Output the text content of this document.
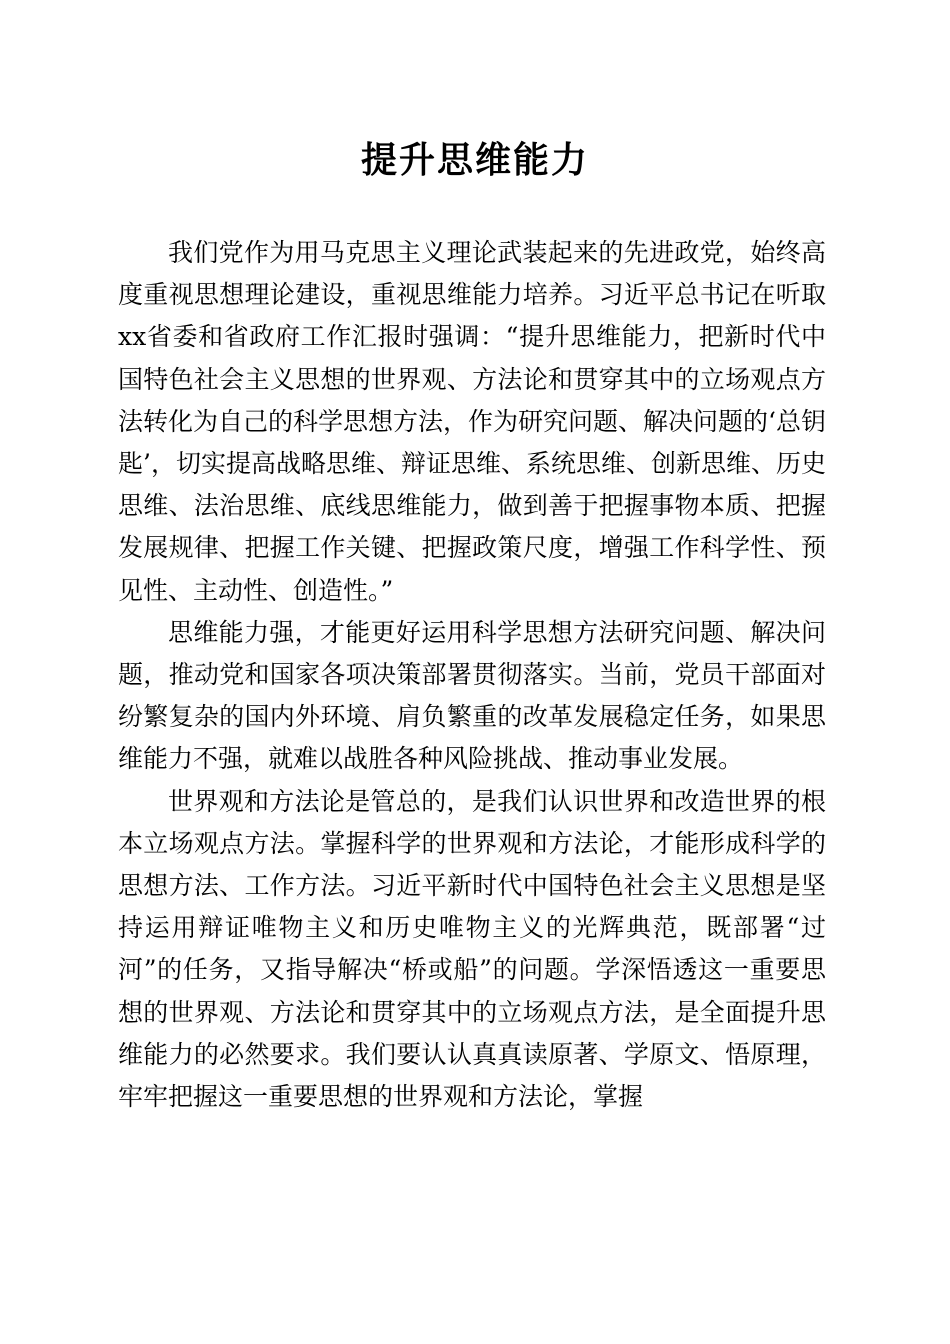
提升思维能力

我们党作为用马克思主义理论武装起来的先进政党，始终高度重视思想理论建设，重视思维能力培养。习近平总书记在听取xx省委和省政府工作汇报时强调：“提升思维能力，把新时代中国特色社会主义思想的世界观、方法论和贯穿其中的立场观点方法转化为自己的科学思想方法，作为研究问题、解决问题的‘总钥匙’，切实提高战略思维、辩证思维、系统思维、创新思维、历史思维、法治思维、底线思维能力，做到善于把握事物本质、把握发展规律、把握工作关键、把握政策尺度，增强工作科学性、预见性、主动性、创造性。”

思维能力强，才能更好运用科学思想方法研究问题、解决问题，推动党和国家各项决策部署贯彻落实。当前，党员干部面对纷繁复杂的国内外环境、肩负繁重的改革发展稳定任务，如果思维能力不强，就难以战胜各种风险挑战、推动事业发展。

世界观和方法论是管总的，是我们认识世界和改造世界的根本立场观点方法。掌握科学的世界观和方法论，才能形成科学的思想方法、工作方法。习近平新时代中国特色社会主义思想是坚持运用辩证唯物主义和历史唯物主义的光辉典范，既部署“过河”的任务，又指导解决“桥或船”的问题。学深悟透这一重要思想的世界观、方法论和贯穿其中的立场观点方法，是全面提升思维能力的必然要求。我们要认认真真读原著、学原文、悟原理，牢牢把握这一重要思想的世界观和方法论，掌握
